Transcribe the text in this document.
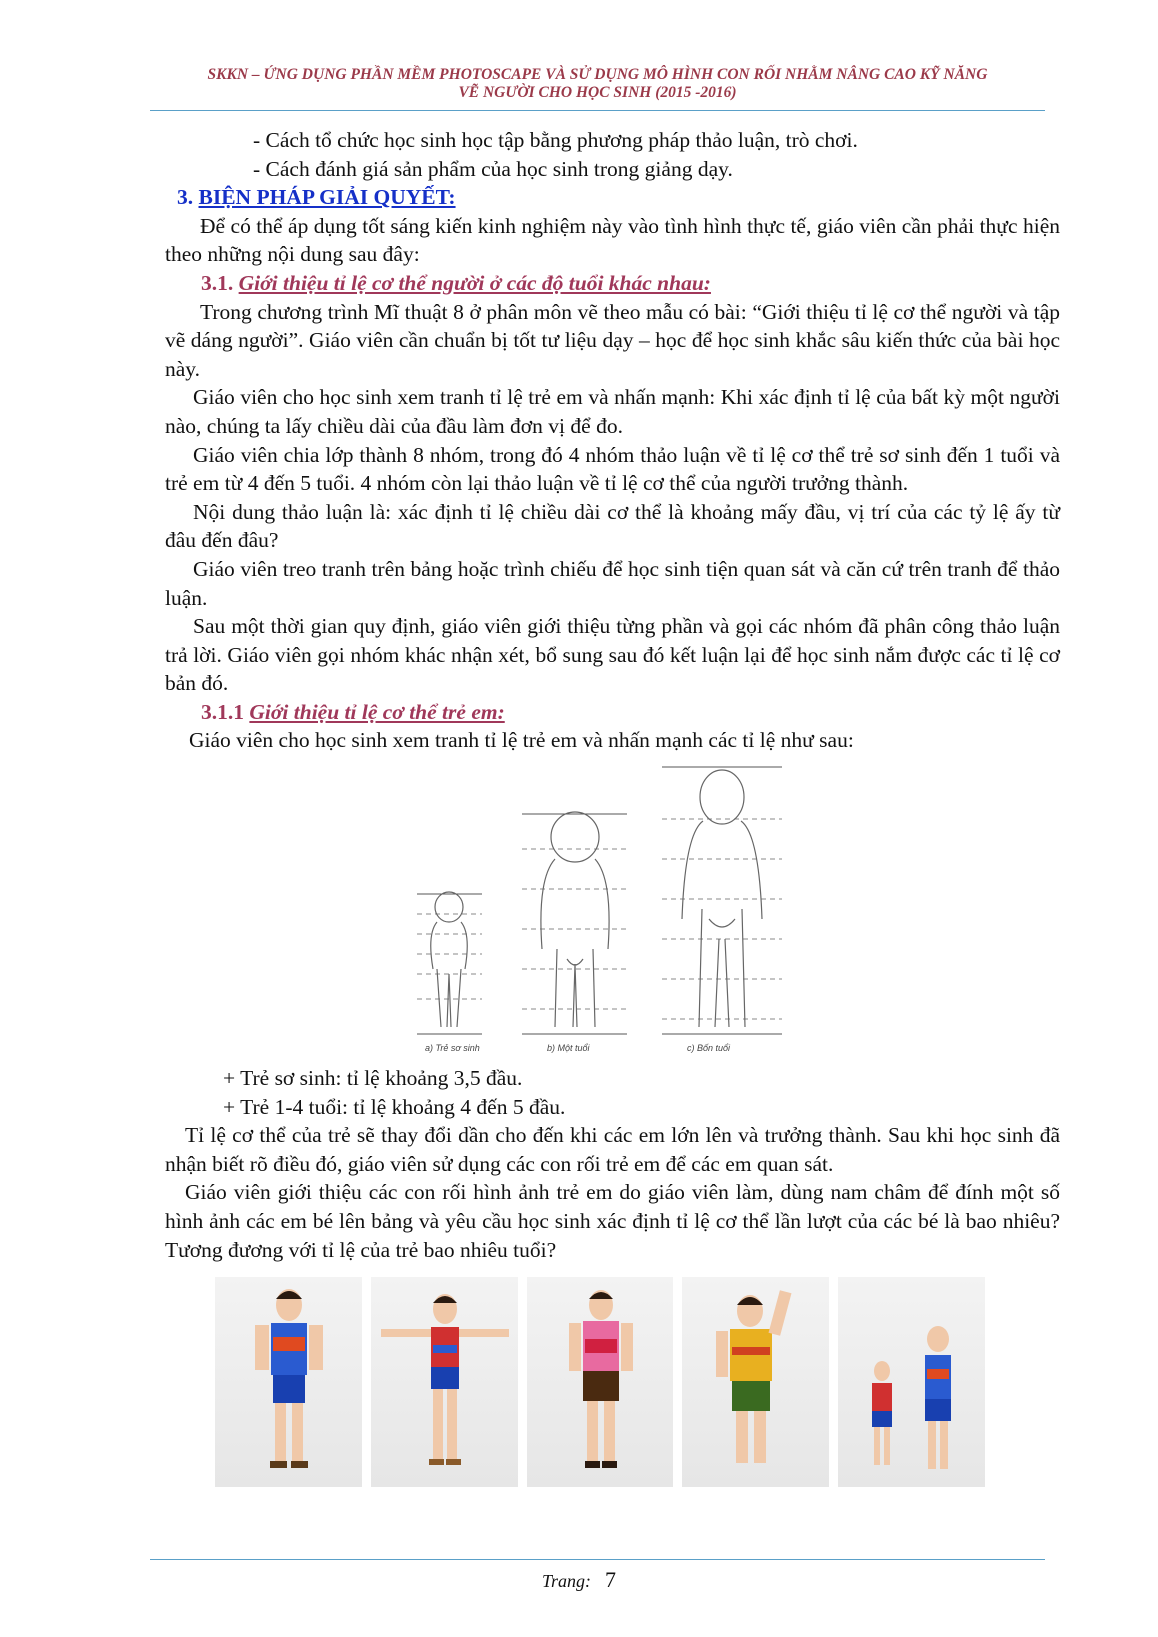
SKKN – ỨNG DỤNG PHẦN MỀM PHOTOSCAPE VÀ SỬ DỤNG MÔ HÌNH CON RỐI NHẰM NÂNG CAO KỸ NĂNG
VẼ NGƯỜI CHO HỌC SINH (2015 -2016)

- Cách tổ chức học sinh học tập bằng phương pháp thảo luận, trò chơi.

- Cách đánh giá sản phẩm của học sinh trong giảng dạy.

3. BIỆN PHÁP GIẢI QUYẾT:

Để có thể áp dụng tốt sáng kiến kinh nghiệm này vào tình hình thực tế, giáo viên cần phải thực hiện theo những nội dung sau đây:

3.1. Giới thiệu tỉ lệ cơ thể người ở các độ tuổi khác nhau:

Trong chương trình Mĩ thuật 8 ở phân môn vẽ theo mẫu có bài: “Giới thiệu tỉ lệ cơ thể người và tập vẽ dáng người”. Giáo viên cần chuẩn bị tốt tư liệu dạy – học để học sinh khắc sâu kiến thức của bài học này.

Giáo viên cho học sinh xem tranh tỉ lệ trẻ em và nhấn mạnh: Khi xác định tỉ lệ của bất kỳ một người nào, chúng ta lấy chiều dài của đầu làm đơn vị để đo.

Giáo viên chia lớp thành 8 nhóm, trong đó 4 nhóm thảo luận về tỉ lệ cơ thể trẻ sơ sinh đến 1 tuổi và trẻ em từ 4 đến 5 tuổi. 4 nhóm còn lại thảo luận về tỉ lệ cơ thể của người trưởng thành.

Nội dung thảo luận là: xác định tỉ lệ chiều dài cơ thể là khoảng mấy đầu, vị trí của các tỷ lệ ấy từ đâu đến đâu?

Giáo viên treo tranh trên bảng hoặc trình chiếu để học sinh tiện quan sát và căn cứ trên tranh để thảo luận.

Sau một thời gian quy định, giáo viên giới thiệu từng phần và gọi các nhóm đã phân công thảo luận trả lời. Giáo viên gọi nhóm khác nhận xét, bổ sung sau đó kết luận lại để học sinh nắm được các tỉ lệ cơ bản đó.

3.1.1 Giới thiệu tỉ lệ cơ thể trẻ em:

Giáo viên cho học sinh xem tranh tỉ lệ trẻ em và nhấn mạnh các tỉ lệ như sau:

a) Trẻ sơ sinh	b) Một tuổi	c) Bốn tuổi

+ Trẻ sơ sinh: tỉ lệ khoảng 3,5 đầu.

+ Trẻ 1-4 tuổi: tỉ lệ khoảng 4 đến 5 đầu.

Tỉ lệ cơ thể của trẻ sẽ thay đổi dần cho đến khi các em lớn lên và trưởng thành. Sau khi học sinh đã nhận biết rõ điều đó, giáo viên sử dụng các con rối trẻ em để các em quan sát.

Giáo viên giới thiệu các con rối hình ảnh trẻ em do giáo viên làm, dùng nam châm để đính một số hình ảnh các em bé lên bảng và yêu cầu học sinh xác định tỉ lệ cơ thể lần lượt của các bé là bao nhiêu? Tương đương với tỉ lệ của trẻ bao nhiêu tuổi?

Trang: 7
